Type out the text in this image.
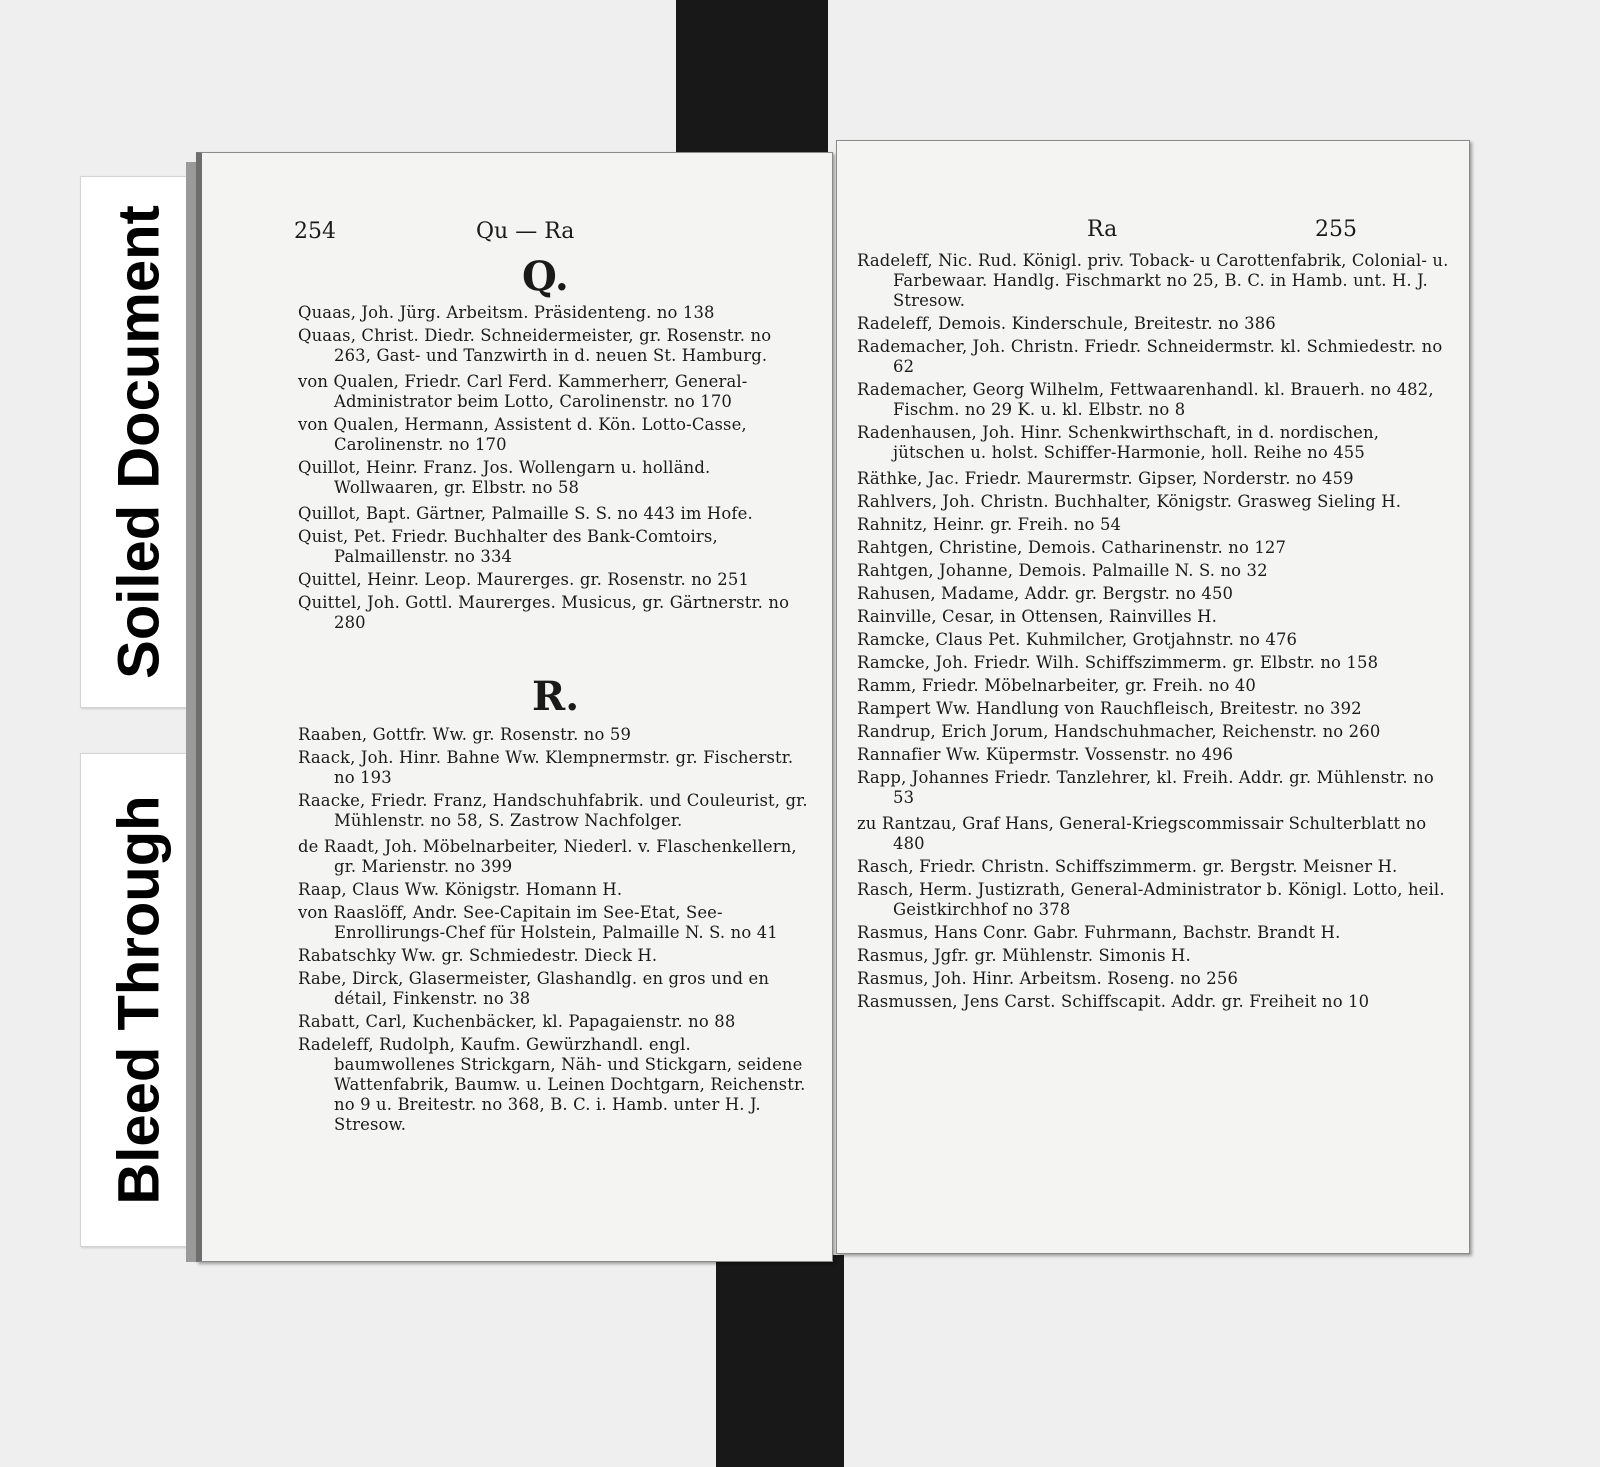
Soiled Document
Bleed Through
254	Qu — Ra
Q.
Quaas, Joh. Jürg. Arbeitsm. Präsidenteng. no 138
Quaas, Christ. Diedr. Schneidermeister, gr. Rosenstr. no 263, Gast- und Tanzwirth in d. neuen St. Hamburg.
von Qualen, Friedr. Carl Ferd. Kammerherr, General-Administrator beim Lotto, Carolinenstr. no 170
von Qualen, Hermann, Assistent d. Kön. Lotto-Casse, Carolinenstr. no 170
Quillot, Heinr. Franz. Jos. Wollengarn u. holländ. Wollwaaren, gr. Elbstr. no 58
Quillot, Bapt. Gärtner, Palmaille S. S. no 443 im Hofe.
Quist, Pet. Friedr. Buchhalter des Bank-Comtoirs, Palmaillenstr. no 334
Quittel, Heinr. Leop. Maurerges. gr. Rosenstr. no 251
Quittel, Joh. Gottl. Maurerges. Musicus, gr. Gärtnerstr. no 280
R.
Raaben, Gottfr. Ww. gr. Rosenstr. no 59
Raack, Joh. Hinr. Bahne Ww. Klempnermstr. gr. Fischerstr. no 193
Raacke, Friedr. Franz, Handschuhfabrik. und Couleurist, gr. Mühlenstr. no 58, S. Zastrow Nachfolger.
de Raadt, Joh. Möbelnarbeiter, Niederl. v. Flaschenkellern, gr. Marienstr. no 399
Raap, Claus Ww. Königstr. Homann H.
von Raaslöff, Andr. See-Capitain im See-Etat, See-Enrollirungs-Chef für Holstein, Palmaille N. S. no 41
Rabatschky Ww. gr. Schmiedestr. Dieck H.
Rabe, Dirck, Glasermeister, Glashandlg. en gros und en détail, Finkenstr. no 38
Rabatt, Carl, Kuchenbäcker, kl. Papagaienstr. no 88
Radeleff, Rudolph, Kaufm. Gewürzhandl. engl. baumwollenes Strickgarn, Näh- und Stickgarn, seidene Wattenfabrik, Baumw. u. Leinen Dochtgarn, Reichenstr. no 9 u. Breitestr. no 368, B. C. i. Hamb. unter H. J. Stresow.
Ra	255
Radeleff, Nic. Rud. Königl. priv. Toback- u Carottenfabrik, Colonial- u. Farbewaar. Handlg. Fischmarkt no 25, B. C. in Hamb. unt. H. J. Stresow.
Radeleff, Demois. Kinderschule, Breitestr. no 386
Rademacher, Joh. Christn. Friedr. Schneidermstr. kl. Schmiedestr. no 62
Rademacher, Georg Wilhelm, Fettwaarenhandl. kl. Brauerh. no 482, Fischm. no 29 K. u. kl. Elbstr. no 8
Radenhausen, Joh. Hinr. Schenkwirthschaft, in d. nordischen, jütschen u. holst. Schiffer-Harmonie, holl. Reihe no 455
Räthke, Jac. Friedr. Maurermstr. Gipser, Norderstr. no 459
Rahlvers, Joh. Christn. Buchhalter, Königstr. Grasweg Sieling H.
Rahnitz, Heinr. gr. Freih. no 54
Rahtgen, Christine, Demois. Catharinenstr. no 127
Rahtgen, Johanne, Demois. Palmaille N. S. no 32
Rahusen, Madame, Addr. gr. Bergstr. no 450
Rainville, Cesar, in Ottensen, Rainvilles H.
Ramcke, Claus Pet. Kuhmilcher, Grotjahnstr. no 476
Ramcke, Joh. Friedr. Wilh. Schiffszimmerm. gr. Elbstr. no 158
Ramm, Friedr. Möbelnarbeiter, gr. Freih. no 40
Rampert Ww. Handlung von Rauchfleisch, Breitestr. no 392
Randrup, Erich Jorum, Handschuhmacher, Reichenstr. no 260
Rannafier Ww. Küpermstr. Vossenstr. no 496
Rapp, Johannes Friedr. Tanzlehrer, kl. Freih. Addr. gr. Mühlenstr. no 53
zu Rantzau, Graf Hans, General-Kriegscommissair Schulterblatt no 480
Rasch, Friedr. Christn. Schiffszimmerm. gr. Bergstr. Meisner H.
Rasch, Herm. Justizrath, General-Administrator b. Königl. Lotto, heil. Geistkirchhof no 378
Rasmus, Hans Conr. Gabr. Fuhrmann, Bachstr. Brandt H.
Rasmus, Jgfr. gr. Mühlenstr. Simonis H.
Rasmus, Joh. Hinr. Arbeitsm. Roseng. no 256
Rasmussen, Jens Carst. Schiffscapit. Addr. gr. Freiheit no 10
